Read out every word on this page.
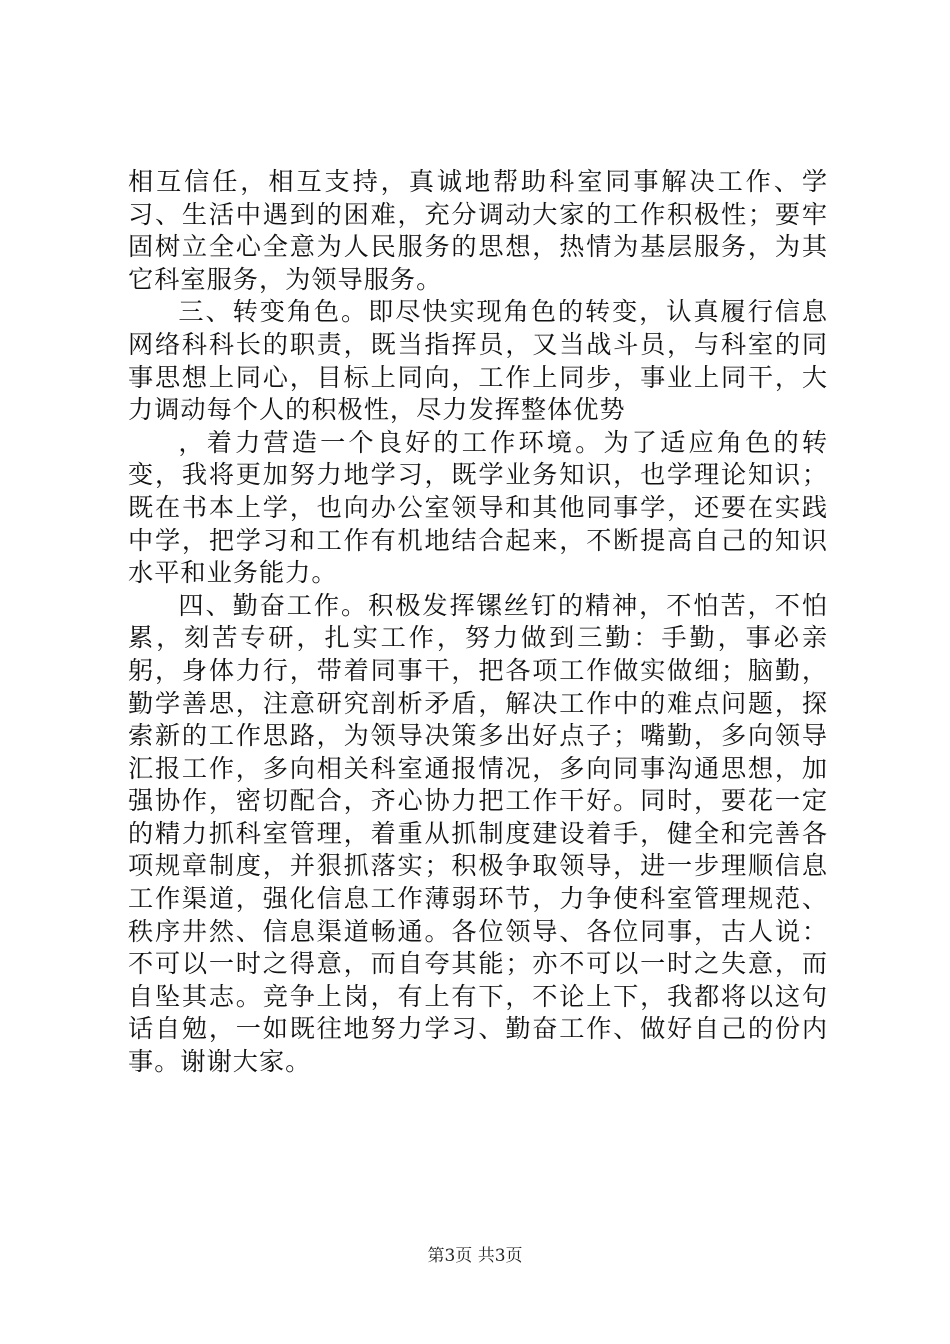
相互信任，相互支持，真诚地帮助科室同事解决工作、学习、生活中遇到的困难，充分调动大家的工作积极性；要牢固树立全心全意为人民服务的思想，热情为基层服务，为其它科室服务，为领导服务。

三、转变角色。即尽快实现角色的转变，认真履行信息网络科科长的职责，既当指挥员，又当战斗员，与科室的同事思想上同心，目标上同向，工作上同步，事业上同干，大力调动每个人的积极性，尽力发挥整体优势

，着力营造一个良好的工作环境。为了适应角色的转变，我将更加努力地学习，既学业务知识，也学理论知识；既在书本上学，也向办公室领导和其他同事学，还要在实践中学，把学习和工作有机地结合起来，不断提高自己的知识水平和业务能力。

四、勤奋工作。积极发挥镙丝钉的精神，不怕苦，不怕累，刻苦专研，扎实工作，努力做到三勤：手勤，事必亲躬，身体力行，带着同事干，把各项工作做实做细；脑勤，勤学善思，注意研究剖析矛盾，解决工作中的难点问题，探索新的工作思路，为领导决策多出好点子；嘴勤，多向领导汇报工作，多向相关科室通报情况，多向同事沟通思想，加强协作，密切配合，齐心协力把工作干好。同时，要花一定的精力抓科室管理，着重从抓制度建设着手，健全和完善各项规章制度，并狠抓落实；积极争取领导，进一步理顺信息工作渠道，强化信息工作薄弱环节，力争使科室管理规范、秩序井然、信息渠道畅通。各位领导、各位同事，古人说：不可以一时之得意，而自夸其能；亦不可以一时之失意，而自坠其志。竞争上岗，有上有下，不论上下，我都将以这句话自勉，一如既往地努力学习、勤奋工作、做好自己的份内事。谢谢大家。

第3页 共3页
